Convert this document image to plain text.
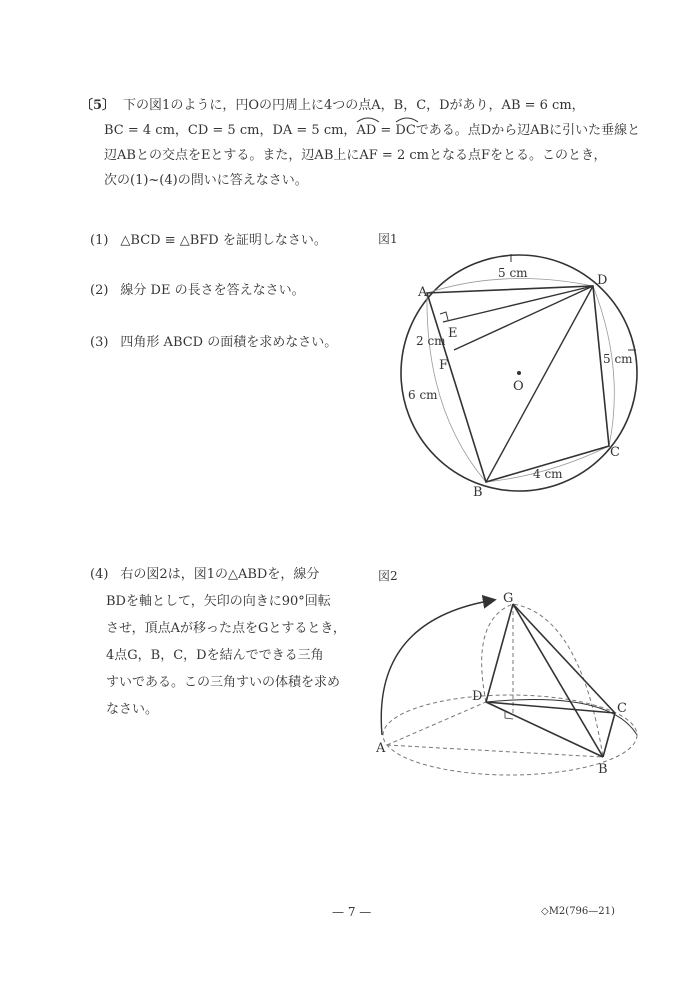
〔5〕 下の図1のように，円Oの円周上に4つの点A，B，C，Dがあり，AB = 6 cm，
BC = 4 cm，CD = 5 cm，DA = 5 cm，AD
= DC
である。点Dから辺ABに引いた垂線と
辺ABとの交点をEとする。また，辺AB上にAF = 2 cmとなる点Fをとる。このとき，
次の(1)~(4)の問いに答えなさい。
(1) △BCD ≡ △BFD を証明しなさい。
(2) 線分 DE の長さを答えなさい。
(3) 四角形 ABCD の面積を求めなさい。
(4) 右の図2は，図1の△ABDを，線分
BDを軸として，矢印の向きに90°回転
させ，頂点Aが移った点をGとするとき，
4点G，B，C，Dを結んでできる三角
すいである。この三角すいの体積を求め
なさい。
図1
A
D
E
F
O
C
B
5 cm
5 cm
2 cm
6 cm
4 cm
図2
G
D
C
A
B
— 7 —	◇M2(796—21)
